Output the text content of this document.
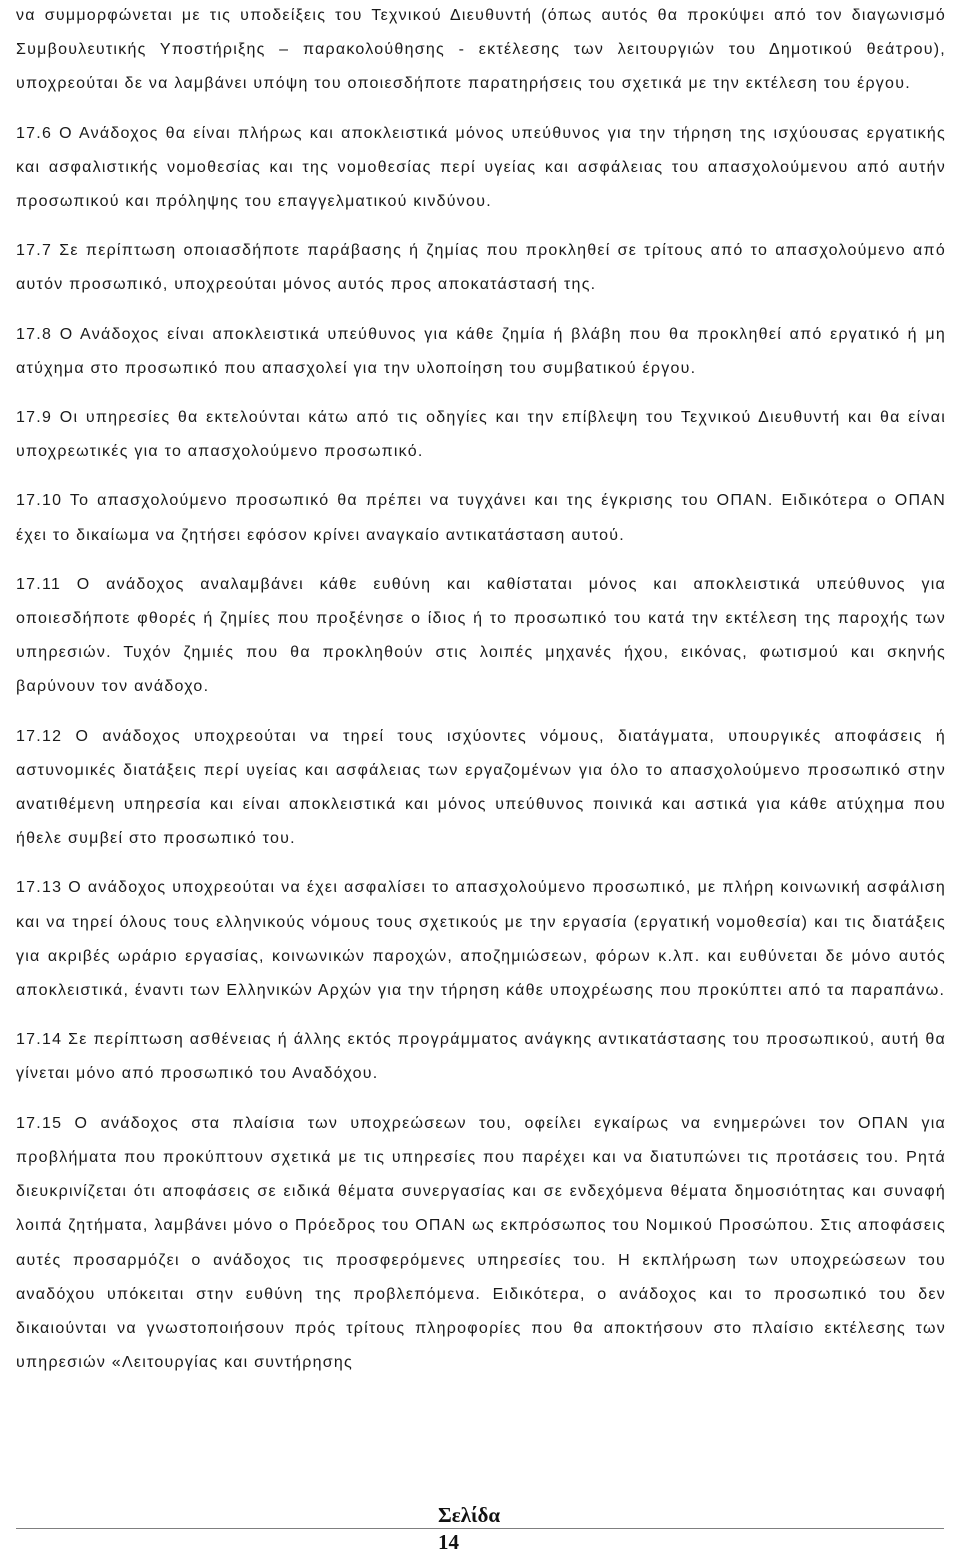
να συμμορφώνεται με τις υποδείξεις του Τεχνικού Διευθυντή (όπως αυτός θα προκύψει από τον διαγωνισμό Συμβουλευτικής Υποστήριξης – παρακολούθησης - εκτέλεσης των λειτουργιών του Δημοτικού θεάτρου), υποχρεούται δε να λαμβάνει υπόψη του οποιεσδήποτε παρατηρήσεις του σχετικά με την εκτέλεση του έργου.

17.6 Ο Ανάδοχος θα είναι πλήρως και αποκλειστικά μόνος υπεύθυνος για την τήρηση της ισχύουσας εργατικής και ασφαλιστικής νομοθεσίας και της νομοθεσίας περί υγείας και ασφάλειας του απασχολούμενου από αυτήν προσωπικού και πρόληψης του επαγγελματικού κινδύνου.

17.7 Σε περίπτωση οποιασδήποτε παράβασης ή ζημίας που προκληθεί σε τρίτους από το απασχολούμενο από αυτόν προσωπικό, υποχρεούται μόνος αυτός προς αποκατάστασή της.

17.8 Ο Ανάδοχος είναι αποκλειστικά υπεύθυνος για κάθε ζημία ή βλάβη που θα προκληθεί από εργατικό ή μη ατύχημα στο προσωπικό που απασχολεί για την υλοποίηση του συμβατικού έργου.

17.9 Οι υπηρεσίες θα εκτελούνται κάτω από τις οδηγίες και την επίβλεψη του Τεχνικού Διευθυντή και θα είναι υποχρεωτικές για το απασχολούμενο προσωπικό.

17.10 Το απασχολούμενο προσωπικό θα πρέπει να τυγχάνει και της έγκρισης του ΟΠΑΝ. Ειδικότερα ο ΟΠΑΝ έχει το δικαίωμα να ζητήσει εφόσον κρίνει αναγκαίο αντικατάσταση αυτού.

17.11 Ο ανάδοχος αναλαμβάνει κάθε ευθύνη και καθίσταται μόνος και αποκλειστικά υπεύθυνος για οποιεσδήποτε φθορές ή ζημίες που προξένησε ο ίδιος ή το προσωπικό του κατά την εκτέλεση της παροχής των υπηρεσιών. Τυχόν ζημιές που θα προκληθούν στις λοιπές μηχανές ήχου, εικόνας, φωτισμού και σκηνής βαρύνουν τον ανάδοχο.

17.12 Ο ανάδοχος υποχρεούται να τηρεί τους ισχύοντες νόμους, διατάγματα, υπουργικές αποφάσεις ή αστυνομικές διατάξεις περί υγείας και ασφάλειας των εργαζομένων για όλο το απασχολούμενο προσωπικό στην ανατιθέμενη υπηρεσία και είναι αποκλειστικά και μόνος υπεύθυνος ποινικά και αστικά για κάθε ατύχημα που ήθελε συμβεί στο προσωπικό του.

17.13 Ο ανάδοχος υποχρεούται να έχει ασφαλίσει το απασχολούμενο προσωπικό, με πλήρη κοινωνική ασφάλιση και να τηρεί όλους τους ελληνικούς νόμους τους σχετικούς με την εργασία (εργατική νομοθεσία) και τις διατάξεις για ακριβές ωράριο εργασίας, κοινωνικών παροχών, αποζημιώσεων, φόρων κ.λπ. και ευθύνεται δε μόνο αυτός αποκλειστικά, έναντι των Ελληνικών Αρχών για την τήρηση κάθε υποχρέωσης που προκύπτει από τα παραπάνω.

17.14 Σε περίπτωση ασθένειας ή άλλης εκτός προγράμματος ανάγκης αντικατάστασης του προσωπικού, αυτή θα γίνεται μόνο από προσωπικό του Αναδόχου.

17.15 Ο ανάδοχος στα πλαίσια των υποχρεώσεων του, οφείλει εγκαίρως να ενημερώνει τον ΟΠΑΝ για προβλήματα που προκύπτουν σχετικά με τις υπηρεσίες που παρέχει και να διατυπώνει τις προτάσεις του. Ρητά διευκρινίζεται ότι αποφάσεις σε ειδικά θέματα συνεργασίας και σε ενδεχόμενα θέματα δημοσιότητας και συναφή λοιπά ζητήματα, λαμβάνει μόνο ο Πρόεδρος του ΟΠΑΝ ως εκπρόσωπος του Νομικού Προσώπου. Στις αποφάσεις αυτές προσαρμόζει ο ανάδοχος τις προσφερόμενες υπηρεσίες του. Η εκπλήρωση των υποχρεώσεων του αναδόχου υπόκειται στην ευθύνη της προβλεπόμενα. Ειδικότερα, ο ανάδοχος και το προσωπικό του δεν δικαιούνται να γνωστοποιήσουν πρός τρίτους πληροφορίες που θα αποκτήσουν στο πλαίσιο εκτέλεσης των υπηρεσιών «Λειτουργίας και συντήρησης

Σελίδα
14
